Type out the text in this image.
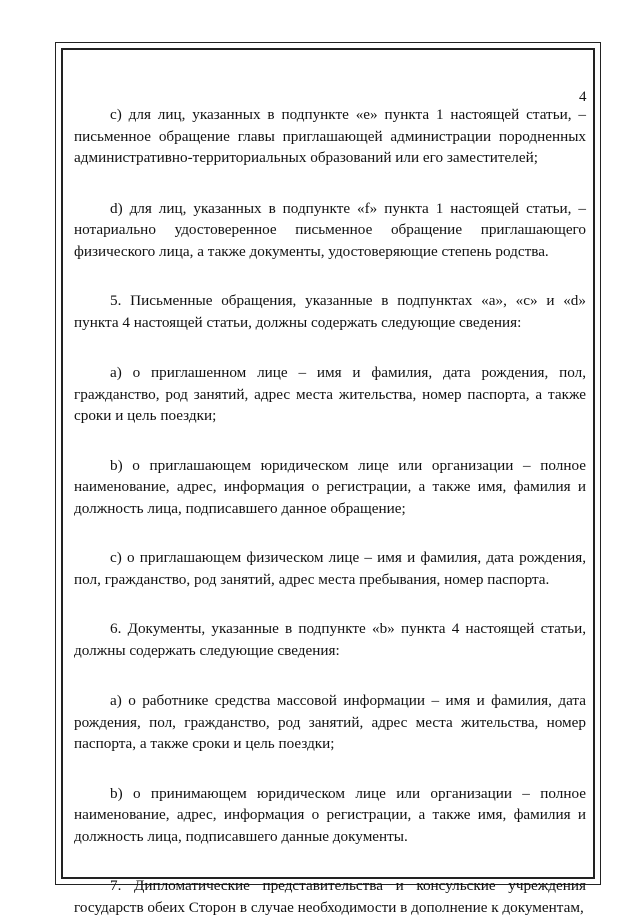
4

с) для лиц, указанных в подпункте «е» пункта 1 настоящей статьи, – письменное обращение главы приглашающей администрации породненных административно-территориальных образований или его заместителей;

d) для лиц, указанных в подпункте «f» пункта 1 настоящей статьи, – нотариально удостоверенное письменное обращение приглашающего физического лица, а также документы, удостоверяющие степень родства.

5. Письменные обращения, указанные в подпунктах «а», «с» и «d» пункта 4 настоящей статьи, должны содержать следующие сведения:

а) о приглашенном лице – имя и фамилия, дата рождения, пол, гражданство, род занятий, адрес места жительства, номер паспорта, а также сроки и цель поездки;

b) о приглашающем юридическом лице или организации – полное наименование, адрес, информация о регистрации, а также имя, фамилия и должность лица, подписавшего данное обращение;

с) о приглашающем физическом лице – имя и фамилия, дата рождения, пол, гражданство, род занятий, адрес места пребывания, номер паспорта.

6. Документы, указанные в подпункте «b» пункта 4 настоящей статьи, должны содержать следующие сведения:

а) о работнике средства массовой информации – имя и фамилия, дата рождения, пол, гражданство, род занятий, адрес места жительства, номер паспорта, а также сроки и цель поездки;

b) о принимающем юридическом лице или организации – полное наименование, адрес, информация о регистрации, а также имя, фамилия и должность лица, подписавшего данные документы.

7. Дипломатические представительства и консульские учреждения государств обеих Сторон в случае необходимости в дополнение к документам,
